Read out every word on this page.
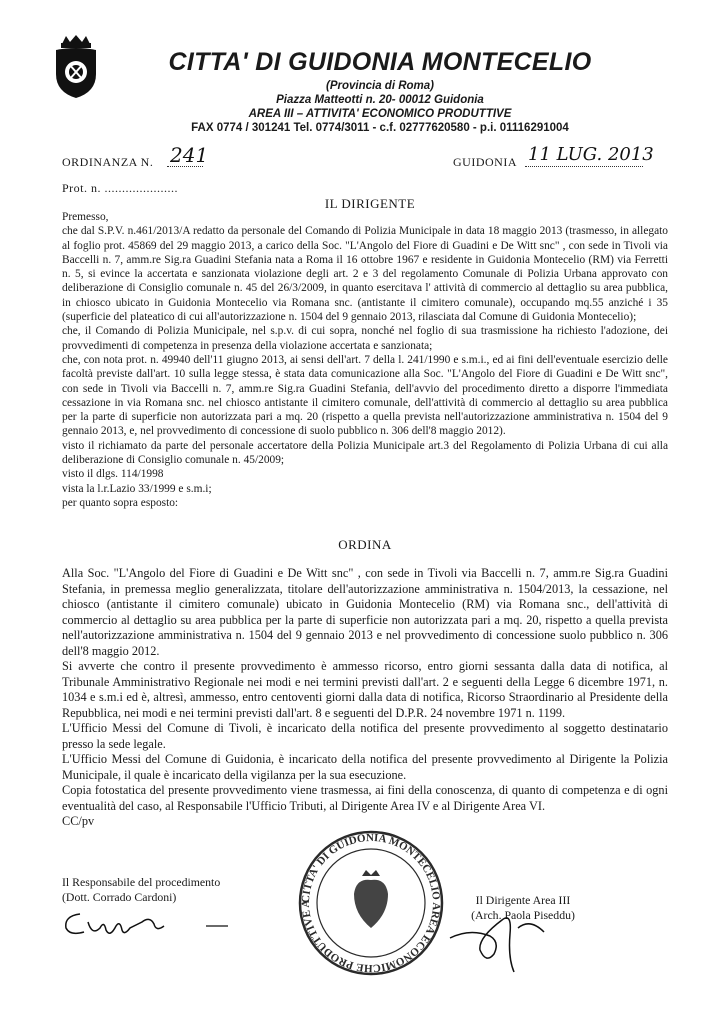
CITTA' DI GUIDONIA MONTECELIO
(Provincia di Roma)
Piazza Matteotti n. 20- 00012 Guidonia
AREA III – ATTIVITA' ECONOMICO PRODUTTIVE
FAX 0774 / 301241 Tel. 0774/3011 - c.f. 02777620580 - p.i. 01116291004
ORDINANZA N. 241	GUIDONIA 11 LUG. 2013
Prot. n. .....................
IL DIRIGENTE

Premesso,

che dal S.P.V. n.461/2013/A redatto da personale del Comando di Polizia Municipale in data 18 maggio 2013 (trasmesso, in allegato al foglio prot. 45869 del 29 maggio 2013, a carico della Soc. "L'Angolo del Fiore di Guadini e De Witt snc" , con sede in Tivoli via Baccelli n. 7, amm.re Sig.ra Guadini Stefania nata a Roma il 16 ottobre 1967 e residente in Guidonia Montecelio (RM) via Ferretti n. 5, si evince la accertata e sanzionata violazione degli art. 2 e 3 del regolamento Comunale di Polizia Urbana approvato con deliberazione di Consiglio comunale n. 45 del 26/3/2009, in quanto esercitava l' attività di commercio al dettaglio su area pubblica, in chiosco ubicato in Guidonia Montecelio via Romana snc. (antistante il cimitero comunale), occupando mq.55 anziché i 35 (superficie del plateatico di cui all'autorizzazione n. 1504 del 9 gennaio 2013, rilasciata dal Comune di Guidonia Montecelio);

che, il Comando di Polizia Municipale, nel s.p.v. di cui sopra, nonché nel foglio di sua trasmissione ha richiesto l'adozione, dei provvedimenti di competenza in presenza della violazione accertata e sanzionata;

che, con nota prot. n. 49940 dell'11 giugno 2013, ai sensi dell'art. 7 della l. 241/1990 e s.m.i., ed ai fini dell'eventuale esercizio delle facoltà previste dall'art. 10 sulla legge stessa, è stata data comunicazione alla Soc. "L'Angolo del Fiore di Guadini e De Witt snc", con sede in Tivoli via Baccelli n. 7, amm.re Sig.ra Guadini Stefania, dell'avvio del procedimento diretto a disporre l'immediata cessazione in via Romana snc. nel chiosco antistante il cimitero comunale, dell'attività di commercio al dettaglio su area pubblica per la parte di superficie non autorizzata pari a mq. 20 (rispetto a quella prevista nell'autorizzazione amministrativa n. 1504 del 9 gennaio 2013, e, nel provvedimento di concessione di suolo pubblico n. 306 dell'8 maggio 2012).

visto il richiamato da parte del personale accertatore della Polizia Municipale art.3 del Regolamento di Polizia Urbana di cui alla deliberazione di Consiglio comunale n. 45/2009;

visto il dlgs. 114/1998

vista la l.r.Lazio 33/1999 e s.m.i;

per quanto sopra esposto:

ORDINA

Alla Soc. "L'Angolo del Fiore di Guadini e De Witt snc" , con sede in Tivoli via Baccelli n. 7, amm.re Sig.ra Guadini Stefania, in premessa meglio generalizzata, titolare dell'autorizzazione amministrativa n. 1504/2013, la cessazione, nel chiosco (antistante il cimitero comunale) ubicato in Guidonia Montecelio (RM) via Romana snc., dell'attività di commercio al dettaglio su area pubblica per la parte di superficie non autorizzata pari a mq. 20, rispetto a quella prevista nell'autorizzazione amministrativa n. 1504 del 9 gennaio 2013 e nel provvedimento di concessione suolo pubblico n. 306 dell'8 maggio 2012.

Si avverte che contro il presente provvedimento è ammesso ricorso, entro giorni sessanta dalla data di notifica, al Tribunale Amministrativo Regionale nei modi e nei termini previsti dall'art. 2 e seguenti della Legge 6 dicembre 1971, n. 1034 e s.m.i ed è, altresì, ammesso, entro centoventi giorni dalla data di notifica, Ricorso Straordinario al Presidente della Repubblica, nei modi e nei termini previsti dall'art. 8 e seguenti del D.P.R. 24 novembre 1971 n. 1199.

L'Ufficio Messi del Comune di Tivoli, è incaricato della notifica del presente provvedimento al soggetto destinatario presso la sede legale.

L'Ufficio Messi del Comune di Guidonia, è incaricato della notifica del presente provvedimento al Dirigente la Polizia Municipale, il quale è incaricato della vigilanza per la sua esecuzione.

Copia fotostatica del presente provvedimento viene trasmessa, ai fini della conoscenza, di quanto di competenza e di ogni eventualità del caso, al Responsabile l'Ufficio Tributi, al Dirigente Area IV e al Dirigente Area VI.

CC/pv

Il Responsabile del procedimento
(Dott. Corrado Cardoni)	CITTA' DI GUIDONIA MONTECELIO AREA ECONOMICHE PRODUTTIVE A	Il Dirigente Area III
(Arch. Paola Piseddu)
